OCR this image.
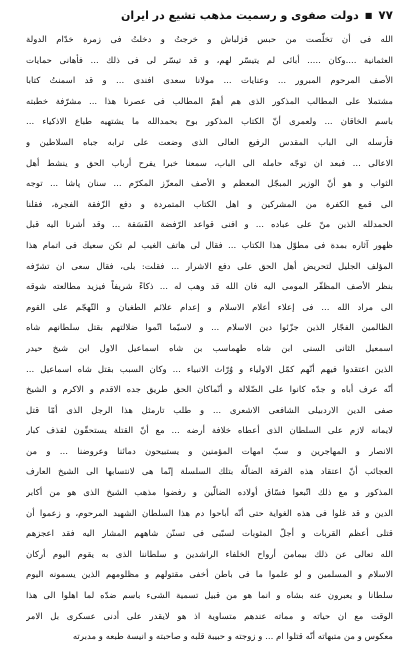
٧٧
■
دولت صفوى و رسميت مذهب تشيع در ايران
الله فى أن تخلّصت من حبس قزلباش و خرجتُ و دخلتُ فى زمرة خدّام الدولة
العثمانية ....وكان ..... أبائى لم يتيسّر لهم، و قد تيسّر لى فى ذلك ... فأهانى حمايات
الأصف المرحوم المبرور ... وعنايات ... مولانا سعدى افندى ... و قد اسمنتُ كتابا
مشتملا على المطالب المذكور الذى هم أهمّ المطالب فى عصرنا هذا ... مشرّفة خطبته
باسم الخاقان ... ولعمرى أنّ الكتاب المذكور بوح بحمدالله ما يشتهيه طباع الاذكياء ...
فأرسله الى الباب المقدس الرفيع العالى الذى وضعت على ترابه جباه السلاطين و
الاعالى ... فبعد ان توجّه حامله الى الباب، سمعنا خبرا يفرح أرباب الحق و ينشط أهل
الثواب و هو أنّ الوزير المبجّل المعظم و الأصف المعزّز المكرّم ... سنان پاشا ... توجه
الى قمع الكفرة من المشركين و اهل الكتاب المتمردة و دفع الزّفقة الفجرة، فقلنا
الحمدلله الذين منّ على عباده ... و افنى قواعد الرّفضة الفَسَقة ... وقد أشرنا اليه قبل
ظهور آثاره بمدة فى مطوّل هذا الكتاب ... فقال لى هاتف الغيب لم تكن سعيك فى اتمام هذا
المؤلف الجليل لتحريض أهل الحق على دفع الاشرار ... فقلت: بلى، فقال سعى ان تشرّفه
بنظر الأصف المظفّر المومى اليه فان الله قد وهب له ... ذكاءً شريفاً فيزيد مطالعته شوقه
الى مراد الله ... فى إعلاء أعلام الاسلام و إعدام علائم الطغيان و التّهجّم على القوم
الظالمين الفجّار الذين جزّئوا دين الاسلام ... و لاسيّما اتّموا ضلالتهم بقتل سلطانهم شاه
اسمعيل الثانى السنى ابن شاه طهماسب بن شاه اسماعيل الاول ابن شيخ حيدر
الذين اعتقدوا فيهم أنّهم كمّل الاولياء و وُرّاث الانبياء ... وكان السبب بقتل شاه اسماعيل ...
أنّه عرف أباه و جدّه كانوا على الضّلالة و أنّماكان الحق طريق جده الاقدم و الاكرم و الشيخ
صفى الدين الاردبيلى الشافعى الاشعرى ... و طلب تارمثل هذا الرجل الذى أمّا قتل
لايمانه لازم على السلطان الذى أعطاه خلافة أرضه ... مع أنّ القتلة يستحقّون لقذف كبار
الانصار و المهاجرين و سبّ امهات المؤمنين و يستبيحون دمائنا وعروضنا ... و من
العجائب أنّ اعتقاد هذه الفرقة الضالّة بتلك السلسلة إنّما هى لانتسابها الى الشيخ العارف
المذكور و مع ذلك اتّبعوا فسّاق أولاده الضالّين و رفضوا مذهب الشيخ الذى هو من أكابر
الدين و قد غلوا فى هذه الغواية حتى أنّه أباحوا دم هذا السلطان الشهيد المرحوم، و زعموا أن
قتلى أعظم القربات و أجلّ المثوبات لسبّبى فى تسنّن شاههم المشار اليه فقد اعجزهم
الله تعالى عن ذلك بيمامن أرواح الخلفاء الراشدين و سلطاننا الذى به يقوم اليوم أركان
الاسلام و المسلمين و لو علموا ما فى باطن أخفى مقتولهم و مظلومهم الذين يسمونه اليوم
سلطانا و يعبرون عنه بشاه و انما هو من قبيل تسمية الشىء باسم ضدّه لما اهلوا الى هذا
الوقت مع ان حياته و مماته عندهم متساوية اذ هو لايقدر على أدنى عسكرى بل الامر
معكوس و من متبهاته أنّه قتلوا ام ... و زوجته و حبيبة قلبه و صاحبته و انيسة طبعه و مدبرته
